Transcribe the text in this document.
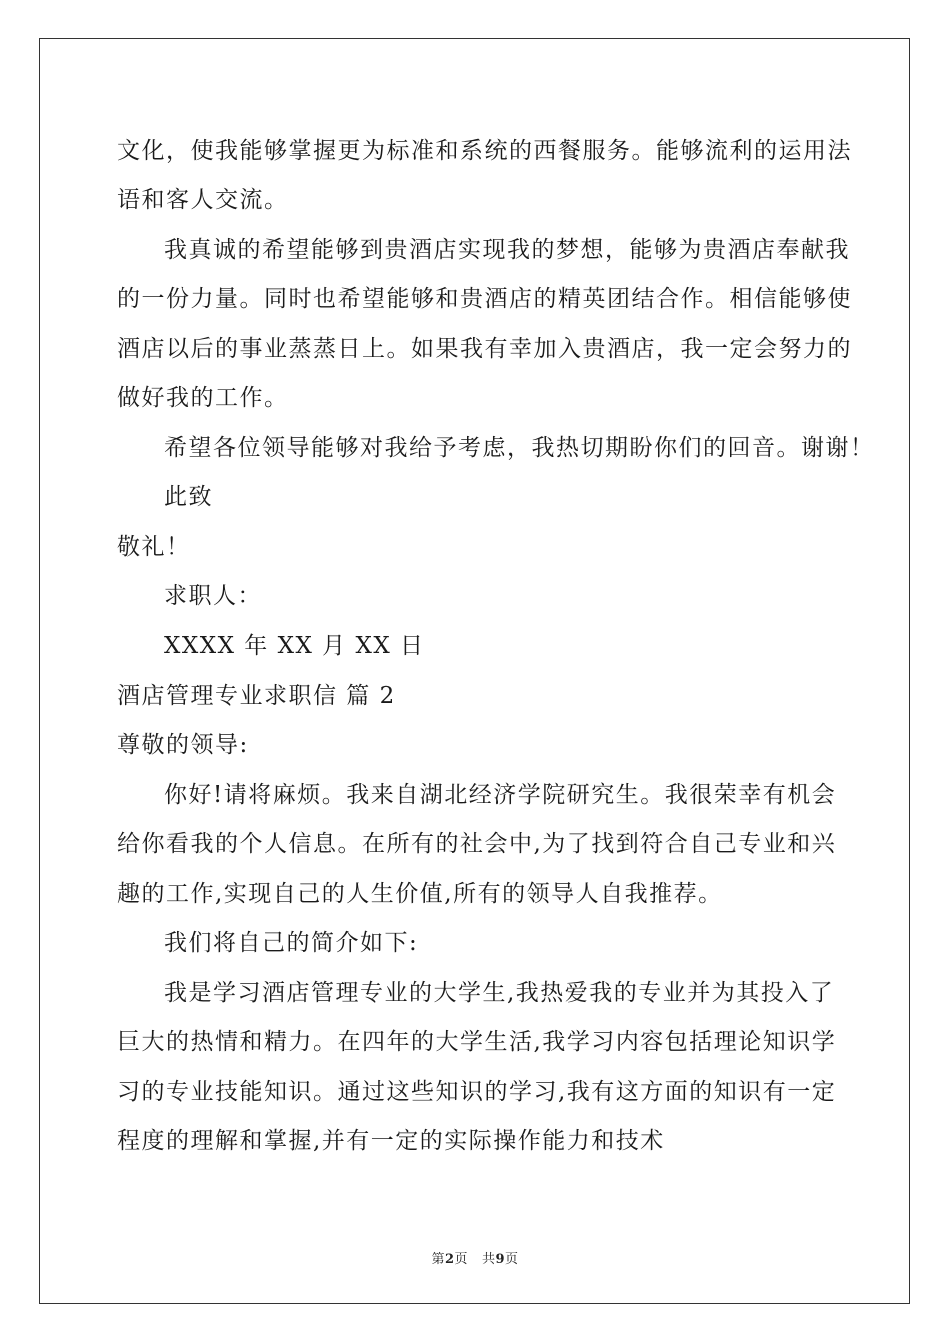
文化，使我能够掌握更为标准和系统的西餐服务。能够流利的运用法
语和客人交流。
我真诚的希望能够到贵酒店实现我的梦想，能够为贵酒店奉献我
的一份力量。同时也希望能够和贵酒店的精英团结合作。相信能够使
酒店以后的事业蒸蒸日上。如果我有幸加入贵酒店，我一定会努力的
做好我的工作。
希望各位领导能够对我给予考虑，我热切期盼你们的回音。谢谢！
此致
敬礼！
求职人：
XXXX 年 XX 月 XX 日
酒店管理专业求职信 篇 2
尊敬的领导:
你好!请将麻烦。我来自湖北经济学院研究生。我很荣幸有机会
给你看我的个人信息。在所有的社会中,为了找到符合自己专业和兴
趣的工作,实现自己的人生价值,所有的领导人自我推荐。
我们将自己的简介如下:
我是学习酒店管理专业的大学生,我热爱我的专业并为其投入了
巨大的热情和精力。在四年的大学生活,我学习内容包括理论知识学
习的专业技能知识。通过这些知识的学习,我有这方面的知识有一定
程度的理解和掌握,并有一定的实际操作能力和技术
第2页 共9页
